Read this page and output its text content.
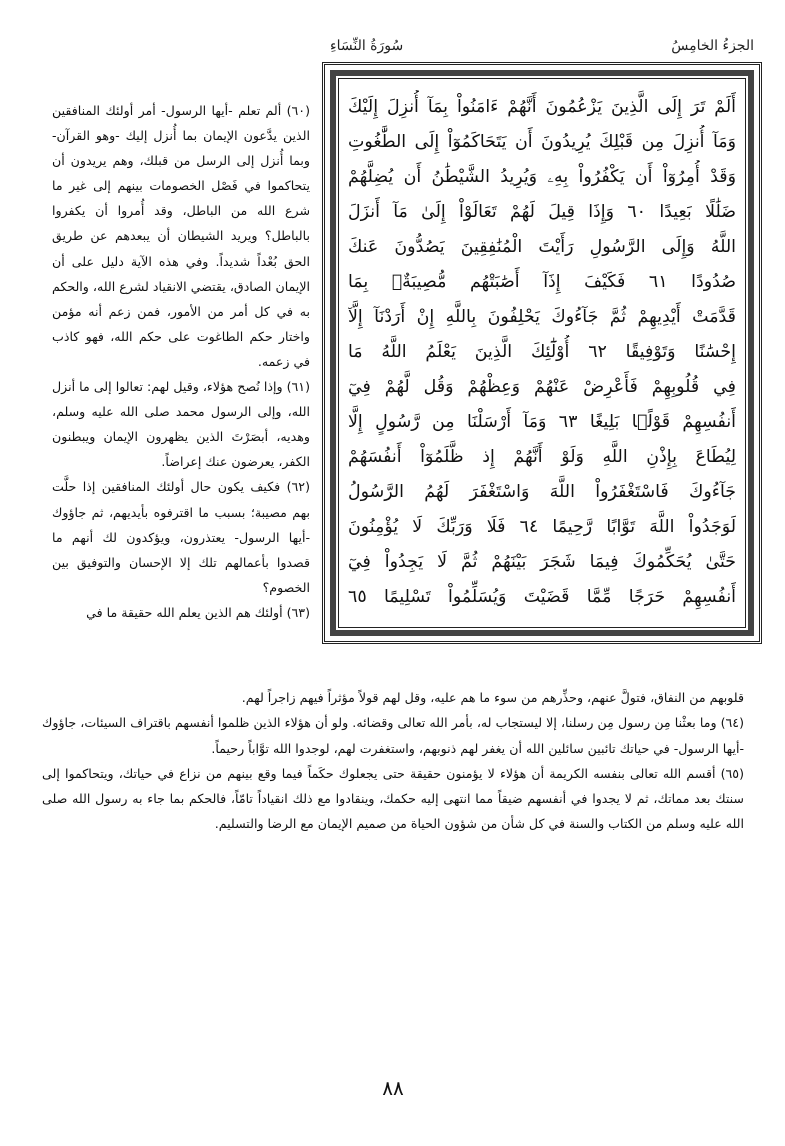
الجزءُ الخامِسُ
سُورَةُ النِّسَاءِ
أَلَمْ تَرَ إِلَى الَّذِينَ يَزْعُمُونَ أَنَّهُمْ ءَامَنُواْ بِمَآ أُنزِلَ إِلَيْكَ
وَمَآ أُنزِلَ مِن قَبْلِكَ يُرِيدُونَ أَن يَتَحَاكَمُوٓاْ إِلَى الطَّٰغُوتِ
وَقَدْ أُمِرُوٓاْ أَن يَكْفُرُواْ بِهِۦ وَيُرِيدُ الشَّيْطَٰنُ أَن يُضِلَّهُمْ
ضَلَٰلًا بَعِيدًا ٦٠ وَإِذَا قِيلَ لَهُمْ تَعَالَوْاْ إِلَىٰ مَآ أَنزَلَ
اللَّهُ وَإِلَى الرَّسُولِ رَأَيْتَ الْمُنَٰفِقِينَ يَصُدُّونَ عَنكَ
صُدُودًا ٦١ فَكَيْفَ إِذَآ أَصَٰبَتْهُم مُّصِيبَةٌۢ بِمَا
قَدَّمَتْ أَيْدِيهِمْ ثُمَّ جَآءُوكَ يَحْلِفُونَ بِاللَّهِ إِنْ أَرَدْنَآ إِلَّآ
إِحْسَٰنًا وَتَوْفِيقًا ٦٢ أُوْلَٰٓئِكَ الَّذِينَ يَعْلَمُ اللَّهُ مَا
فِي قُلُوبِهِمْ فَأَعْرِضْ عَنْهُمْ وَعِظْهُمْ وَقُل لَّهُمْ فِيٓ
أَنفُسِهِمْ قَوْلًۢا بَلِيغًا ٦٣ وَمَآ أَرْسَلْنَا مِن رَّسُولٍ إِلَّا
لِيُطَاعَ بِإِذْنِ اللَّهِ وَلَوْ أَنَّهُمْ إِذ ظَّلَمُوٓاْ أَنفُسَهُمْ
جَآءُوكَ فَاسْتَغْفَرُواْ اللَّهَ وَاسْتَغْفَرَ لَهُمُ الرَّسُولُ
لَوَجَدُواْ اللَّهَ تَوَّابًا رَّحِيمًا ٦٤ فَلَا وَرَبِّكَ لَا يُؤْمِنُونَ
حَتَّىٰ يُحَكِّمُوكَ فِيمَا شَجَرَ بَيْنَهُمْ ثُمَّ لَا يَجِدُواْ فِيٓ
أَنفُسِهِمْ حَرَجًا مِّمَّا قَضَيْتَ وَيُسَلِّمُواْ تَسْلِيمًا ٦٥

(٦٠) ألم تعلم -أيها الرسول- أمر أولئك المنافقين الذين يدَّعون الإيمان بما أُنزل إليك -وهو القرآن- وبما أُنزل إلى الرسل من قبلك، وهم يريدون أن يتحاكموا في فَصْل الخصومات بينهم إلى غير ما شرع الله من الباطل، وقد أُمروا أن يكفروا بالباطل؟ ويريد الشيطان أن يبعدهم عن طريق الحق بُعْداً شديداً. وفي هذه الآية دليل على أن الإيمان الصادق، يقتضي الانقياد لشرع الله، والحكم به في كل أمر من الأمور، فمن زعم أنه مؤمن واختار حكم الطاغوت على حكم الله، فهو كاذب في زعمه.

(٦١) وإذا نُصح هؤلاء، وقيل لهم: تعالوا إلى ما أنزل الله، وإلى الرسول محمد صلى الله عليه وسلم، وهديه، أبصَرْتَ الذين يظهرون الإيمان ويبطنون الكفر، يعرضون عنك إعراضاً.

(٦٢) فكيف يكون حال أولئك المنافقين إذا حلَّت بهم مصيبة؛ بسبب ما اقترفوه بأيديهم، ثم جاؤوك -أيها الرسول- يعتذرون، ويؤكدون لك أنهم ما قصدوا بأعمالهم تلك إلا الإحسان والتوفيق بين الخصوم؟

(٦٣) أولئك هم الذين يعلم الله حقيقة ما في

قلوبهم من النفاق، فتولَّ عنهم، وحذِّرهم من سوء ما هم عليه، وقل لهم قولاً مؤثراً فيهم زاجراً لهم.

(٦٤) وما بعثْنا مِن رسول مِن رسلنا، إلا ليستجاب له، بأمر الله تعالى وقضائه. ولو أن هؤلاء الذين ظلموا أنفسهم باقتراف السيئات، جاؤوك -أيها الرسول- في حياتك تائبين سائلين الله أن يغفر لهم ذنوبهم، واستغفرت لهم، لوجدوا الله توَّاباً رحيماً.

(٦٥) أقسم الله تعالى بنفسه الكريمة أن هؤلاء لا يؤمنون حقيقة حتى يجعلوك حكَماً فيما وقع بينهم من نزاع في حياتك، ويتحاكموا إلى سنتك بعد مماتك، ثم لا يجدوا في أنفسهم ضيقاً مما انتهى إليه حكمك، وينقادوا مع ذلك انقياداً تامّاً، فالحكم بما جاء به رسول الله صلى الله عليه وسلم من الكتاب والسنة في كل شأن من شؤون الحياة من صميم الإيمان مع الرضا والتسليم.

٨٨
